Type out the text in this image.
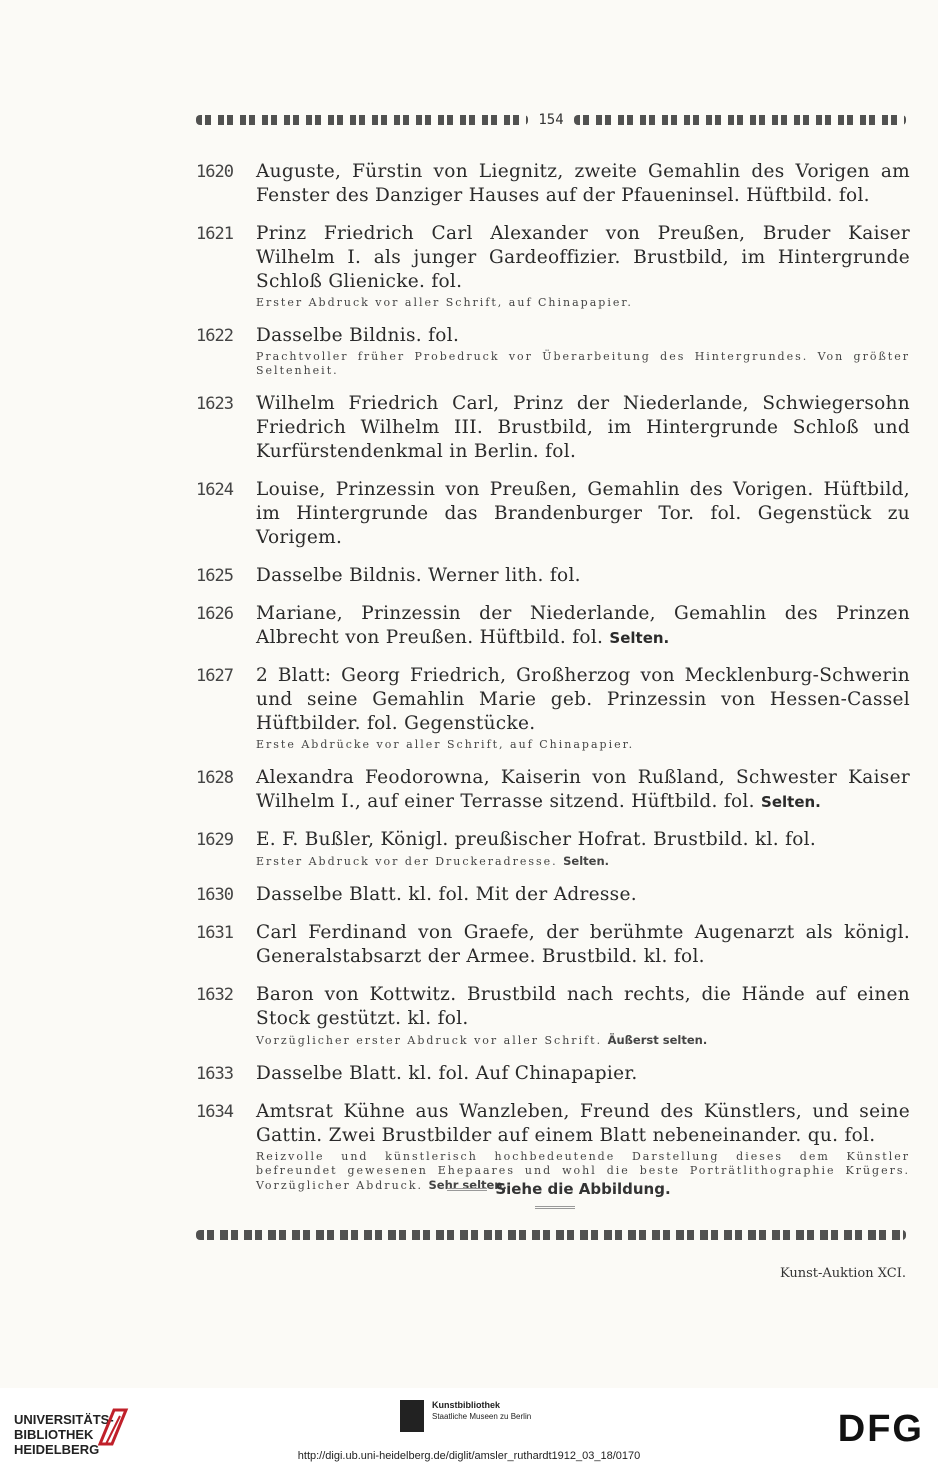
154
1620	Auguste, Fürstin von Liegnitz, zweite Gemahlin des Vorigen am Fenster des Danziger Hauses auf der Pfaueninsel. Hüftbild. fol.
1621	Prinz Friedrich Carl Alexander von Preußen, Bruder Kaiser Wilhelm I. als junger Gardeoffizier. Brustbild, im Hintergrunde Schloß Glienicke. fol.
Erster Abdruck vor aller Schrift, auf Chinapapier.
1622	Dasselbe Bildnis. fol.
Prachtvoller früher Probedruck vor Überarbeitung des Hintergrundes. Von größter Seltenheit.
1623	Wilhelm Friedrich Carl, Prinz der Niederlande, Schwiegersohn Friedrich Wilhelm III. Brustbild, im Hintergrunde Schloß und Kurfürstendenkmal in Berlin. fol.
1624	Louise, Prinzessin von Preußen, Gemahlin des Vorigen. Hüftbild, im Hintergrunde das Brandenburger Tor. fol. Gegenstück zu Vorigem.
1625	Dasselbe Bildnis. Werner lith. fol.
1626	Mariane, Prinzessin der Niederlande, Gemahlin des Prinzen Albrecht von Preußen. Hüftbild. fol. Selten.
1627	2 Blatt: Georg Friedrich, Großherzog von Mecklenburg-Schwerin und seine Gemahlin Marie geb. Prinzessin von Hessen-Cassel Hüftbilder. fol. Gegenstücke.
Erste Abdrücke vor aller Schrift, auf Chinapapier.
1628	Alexandra Feodorowna, Kaiserin von Rußland, Schwester Kaiser Wilhelm I., auf einer Terrasse sitzend. Hüftbild. fol. Selten.
1629	E. F. Bußler, Königl. preußischer Hofrat. Brustbild. kl. fol.
Erster Abdruck vor der Druckeradresse. Selten.
1630	Dasselbe Blatt. kl. fol. Mit der Adresse.
1631	Carl Ferdinand von Graefe, der berühmte Augenarzt als königl. Generalstabsarzt der Armee. Brustbild. kl. fol.
1632	Baron von Kottwitz. Brustbild nach rechts, die Hände auf einen Stock gestützt. kl. fol.
Vorzüglicher erster Abdruck vor aller Schrift. Äußerst selten.
1633	Dasselbe Blatt. kl. fol. Auf Chinapapier.
1634	Amtsrat Kühne aus Wanzleben, Freund des Künstlers, und seine Gattin. Zwei Brustbilder auf einem Blatt nebeneinander. qu. fol.
Reizvolle und künstlerisch hochbedeutende Darstellung dieses dem Künstler befreundet gewesenen Ehepaares und wohl die beste Porträtlithographie Krügers. Vorzüglicher Abdruck. Sehr selten.
Siehe die Abbildung.
Kunst-Auktion XCI.
UNIVERSITÄTS-
BIBLIOTHEK
HEIDELBERG
Kunstbibliothek
Staatliche Museen zu Berlin	DFG
http://digi.ub.uni-heidelberg.de/diglit/amsler_ruthardt1912_03_18/0170
